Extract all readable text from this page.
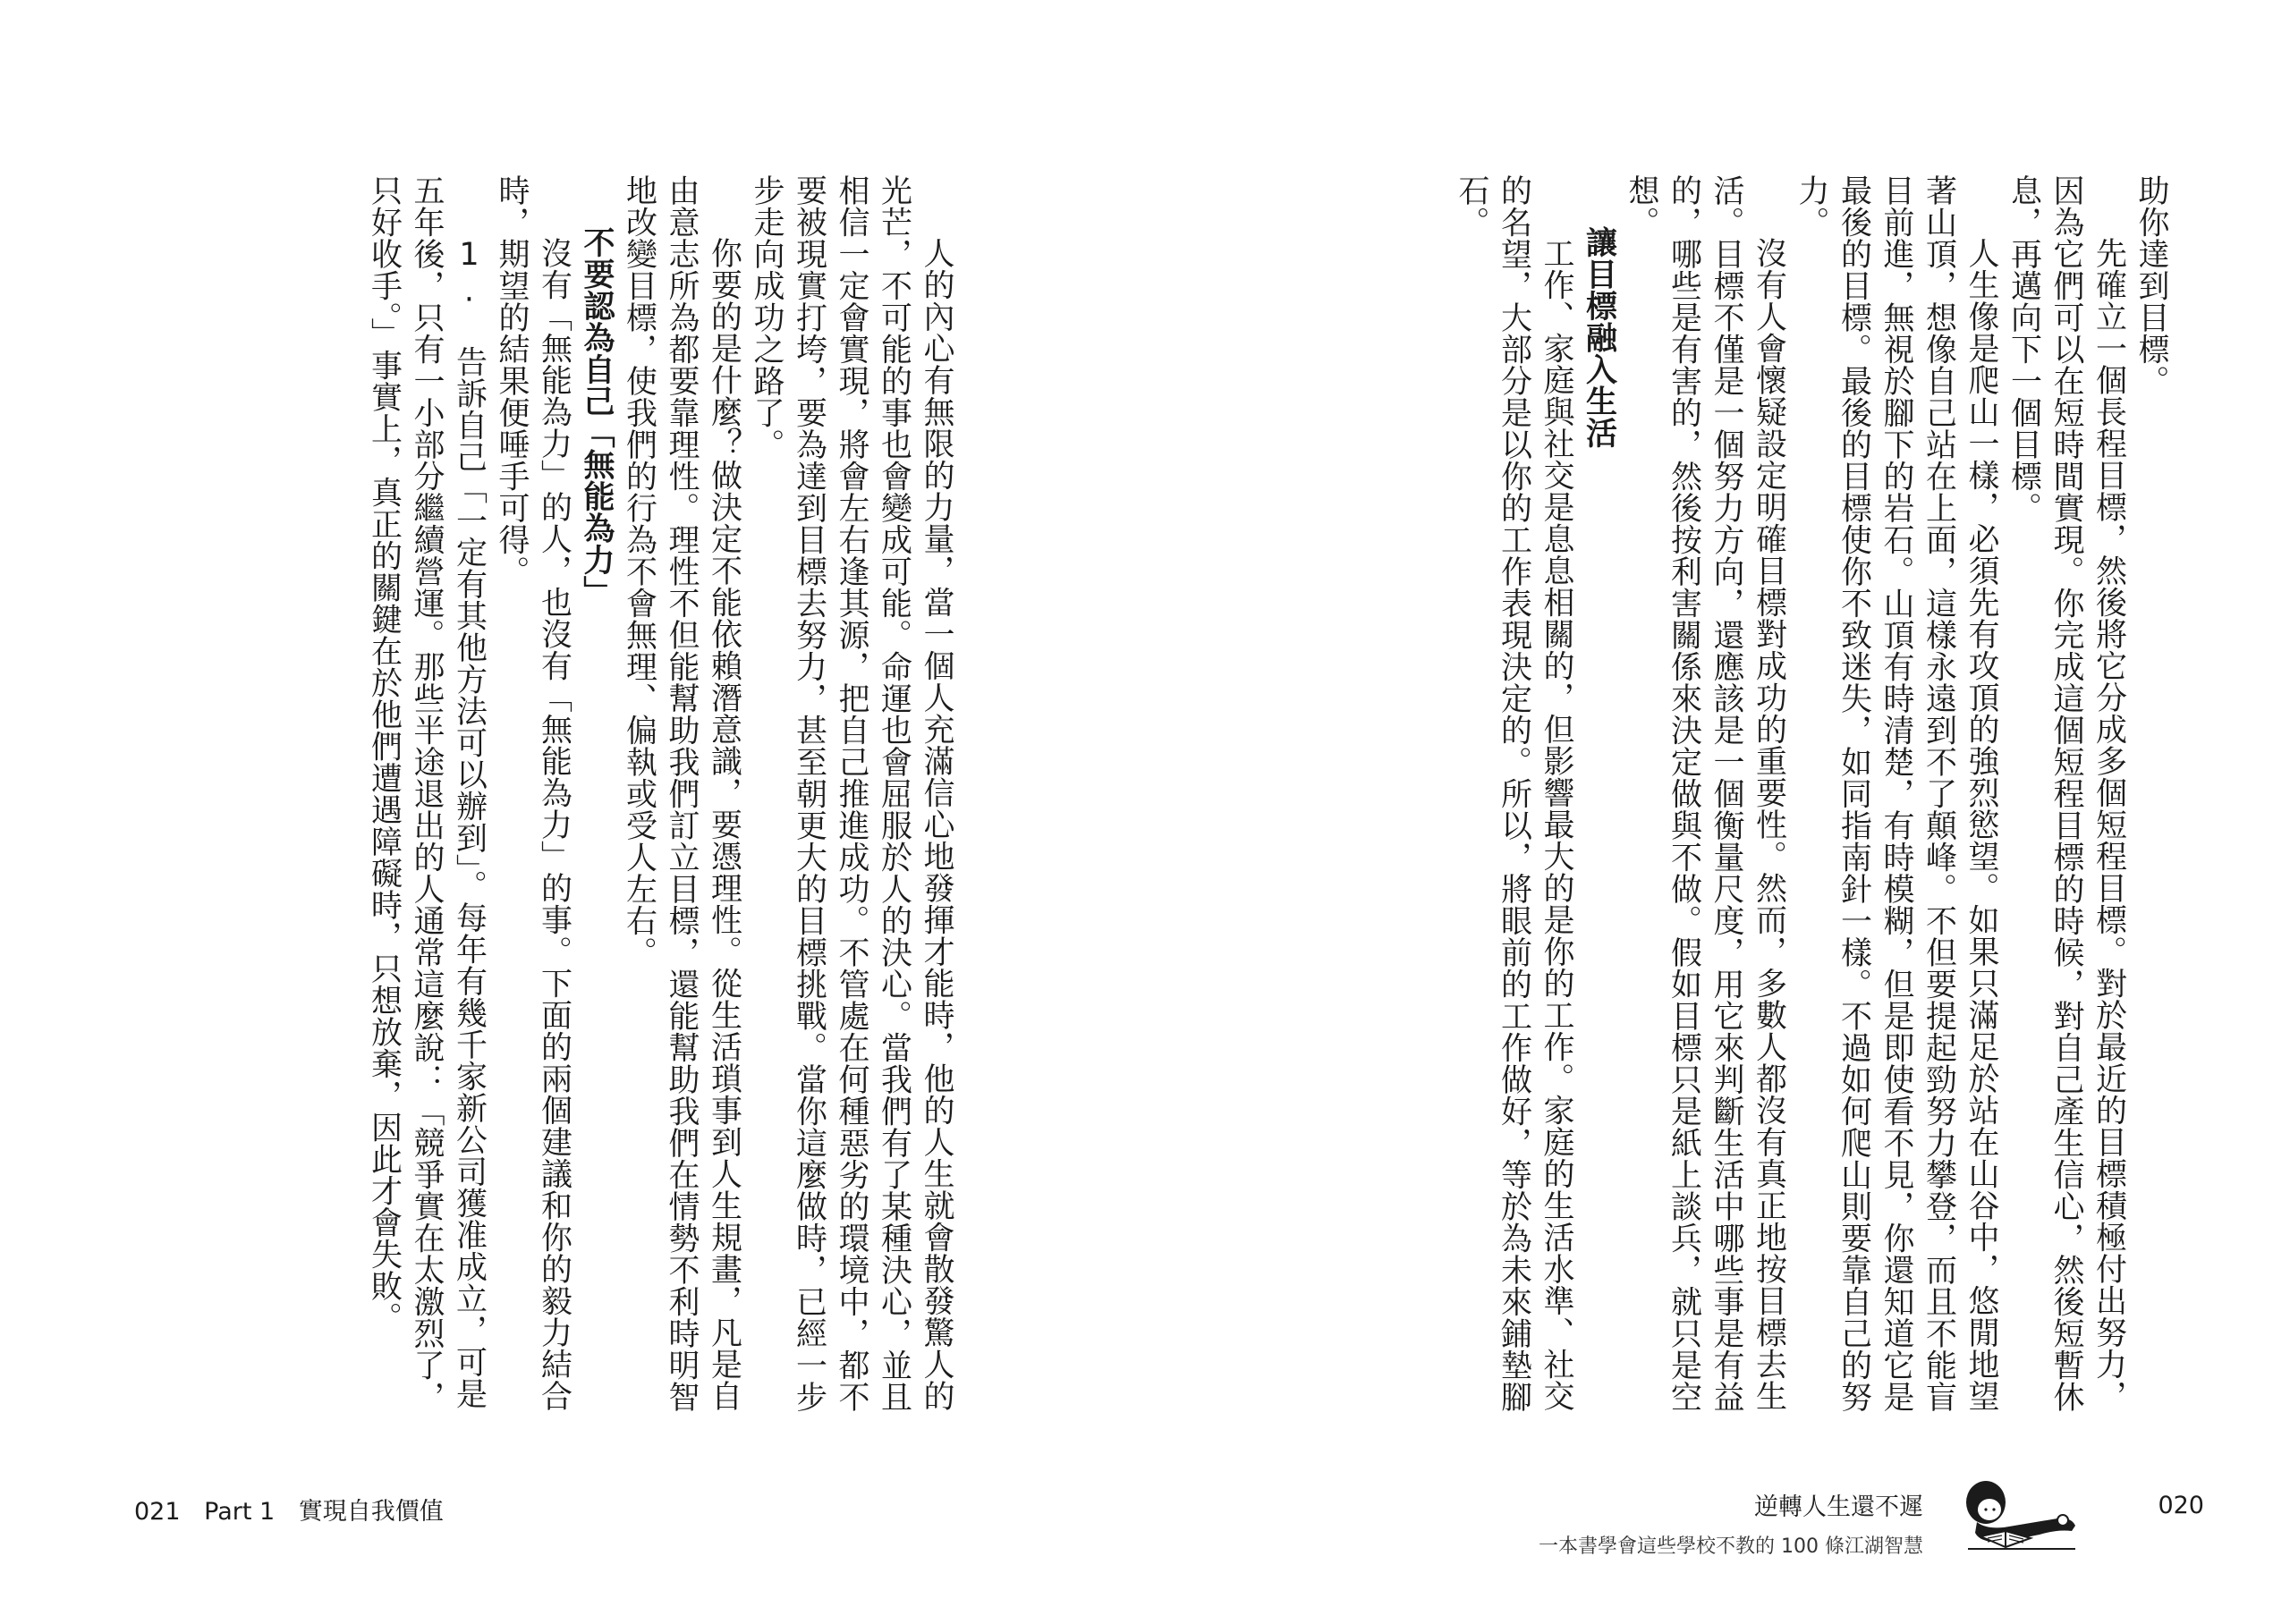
助你達到目標。
先確立一個長程目標，然後將它分成多個短程目標。對於最近的目標積極付出努力，因為它們可以在短時間實現。你完成這個短程目標的時候，對自己產生信心，然後短暫休息，再邁向下一個目標。
人生像是爬山一樣，必須先有攻頂的強烈慾望。如果只滿足於站在山谷中，悠閒地望著山頂，想像自己站在上面，這樣永遠到不了顛峰。不但要提起勁努力攀登，而且不能盲目前進，無視於腳下的岩石。山頂有時清楚，有時模糊，但是即使看不見，你還知道它是最後的目標。最後的目標使你不致迷失，如同指南針一樣。不過如何爬山則要靠自己的努力。
沒有人會懷疑設定明確目標對成功的重要性。然而，多數人都沒有真正地按目標去生活。目標不僅是一個努力方向，還應該是一個衡量尺度，用它來判斷生活中哪些事是有益的，哪些是有害的，然後按利害關係來決定做與不做。假如目標只是紙上談兵，就只是空想。
讓目標融入生活
工作、家庭與社交是息息相關的，但影響最大的是你的工作。家庭的生活水準、社交的名望，大部分是以你的工作表現決定的。所以，將眼前的工作做好，等於為未來鋪墊腳石。
逆轉人生還不遲
一本書學會這些學校不教的 100 條江湖智慧
020
人的內心有無限的力量，當一個人充滿信心地發揮才能時，他的人生就會散發驚人的光芒，不可能的事也會變成可能。命運也會屈服於人的決心。當我們有了某種決心，並且相信一定會實現，將會左右逢其源，把自己推進成功。不管處在何種惡劣的環境中，都不要被現實打垮，要為達到目標去努力，甚至朝更大的目標挑戰。當你這麼做時，已經一步步走向成功之路了。
你要的是什麼？做決定不能依賴潛意識，要憑理性。從生活瑣事到人生規畫，凡是自由意志所為都要靠理性。理性不但能幫助我們訂立目標，還能幫助我們在情勢不利時明智地改變目標，使我們的行為不會無理、偏執或受人左右。
不要認為自己「無能為力」
沒有「無能為力」的人，也沒有「無能為力」的事。下面的兩個建議和你的毅力結合時，期望的結果便唾手可得。
1. 告訴自己「一定有其他方法可以辦到」。每年有幾千家新公司獲准成立，可是五年後，只有一小部分繼續營運。那些半途退出的人通常這麼說：「競爭實在太激烈了，只好收手。」事實上，真正的關鍵在於他們遭遇障礙時，只想放棄，因此才會失敗。
021 Part 1 實現自我價值
